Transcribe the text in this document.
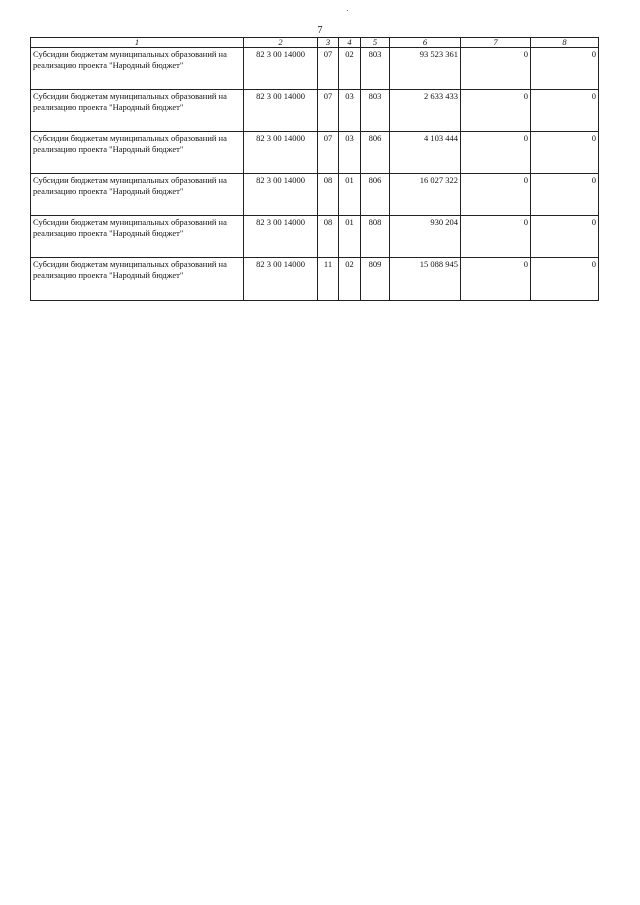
7
1	2	3	4	5	6	7	8
Субсидии бюджетам муниципальных образований на реализацию проекта "Народный бюджет"	82 3 00 14000	07	02	803	93 523 361	0	0
Субсидии бюджетам муниципальных образований на реализацию проекта "Народный бюджет"	82 3 00 14000	07	03	803	2 633 433	0	0
Субсидии бюджетам муниципальных образований на реализацию проекта "Народный бюджет"	82 3 00 14000	07	03	806	4 103 444	0	0
Субсидии бюджетам муниципальных образований на реализацию проекта "Народный бюджет"	82 3 00 14000	08	01	806	16 027 322	0	0
Субсидии бюджетам муниципальных образований на реализацию проекта "Народный бюджет"	82 3 00 14000	08	01	808	930 204	0	0
Субсидии бюджетам муниципальных образований на реализацию проекта "Народный бюджет"	82 3 00 14000	11	02	809	15 088 945	0	0
